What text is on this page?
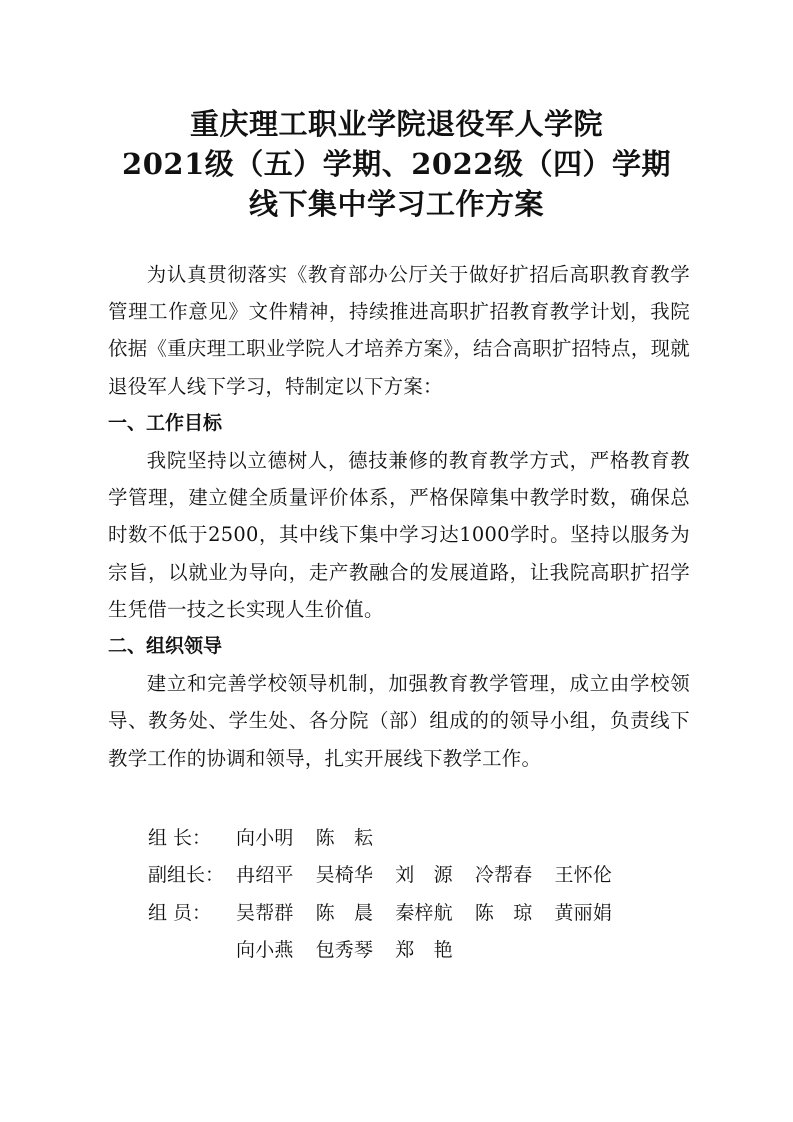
重庆理工职业学院退役军人学院
2021级（五）学期、2022级（四）学期
线下集中学习工作方案

为认真贯彻落实《教育部办公厅关于做好扩招后高职教育教学管理工作意见》文件精神，持续推进高职扩招教育教学计划，我院依据《重庆理工职业学院人才培养方案》，结合高职扩招特点，现就退役军人线下学习，特制定以下方案：

一、工作目标

我院坚持以立德树人，德技兼修的教育教学方式，严格教育教学管理，建立健全质量评价体系，严格保障集中教学时数，确保总时数不低于2500，其中线下集中学习达1000学时。坚持以服务为宗旨，以就业为导向，走产教融合的发展道路，让我院高职扩招学生凭借一技之长实现人生价值。

二、组织领导

建立和完善学校领导机制，加强教育教学管理，成立由学校领导、教务处、学生处、各分院（部）组成的的领导小组，负责线下教学工作的协调和领导，扎实开展线下教学工作。

组 长：	向小明 陈　耘
副组长： 冉绍平 吴椅华 刘　源 冷帮春 王怀伦
组 员：	吴帮群 陈　晨 秦梓航 陈　琼 黄丽娟
向小燕 包秀琴 郑　艳
